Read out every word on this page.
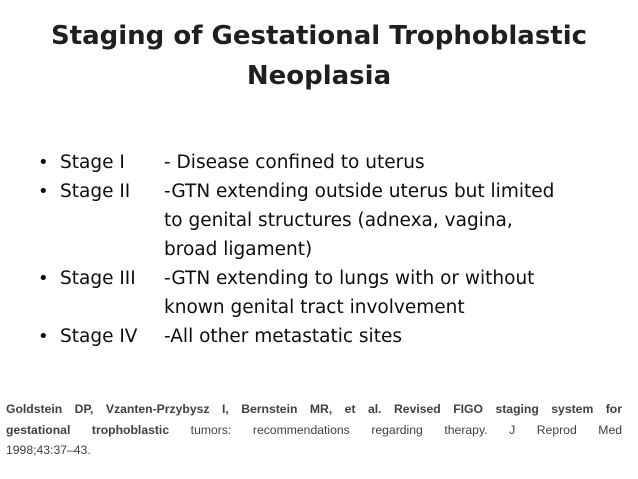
Staging of Gestational Trophoblastic
Neoplasia
• Stage I	- Disease confined to uterus
• Stage II	-GTN extending outside uterus but limited
to genital structures (adnexa, vagina,
broad ligament)
• Stage III	-GTN extending to lungs with or without
known genital tract involvement
• Stage IV	-All other metastatic sites
Goldstein DP, Vzanten-Przybysz I, Bernstein MR, et al. Revised FIGO staging system for
gestational trophoblastic tumors: recommendations regarding therapy. J Reprod Med
1998;43:37–43.
